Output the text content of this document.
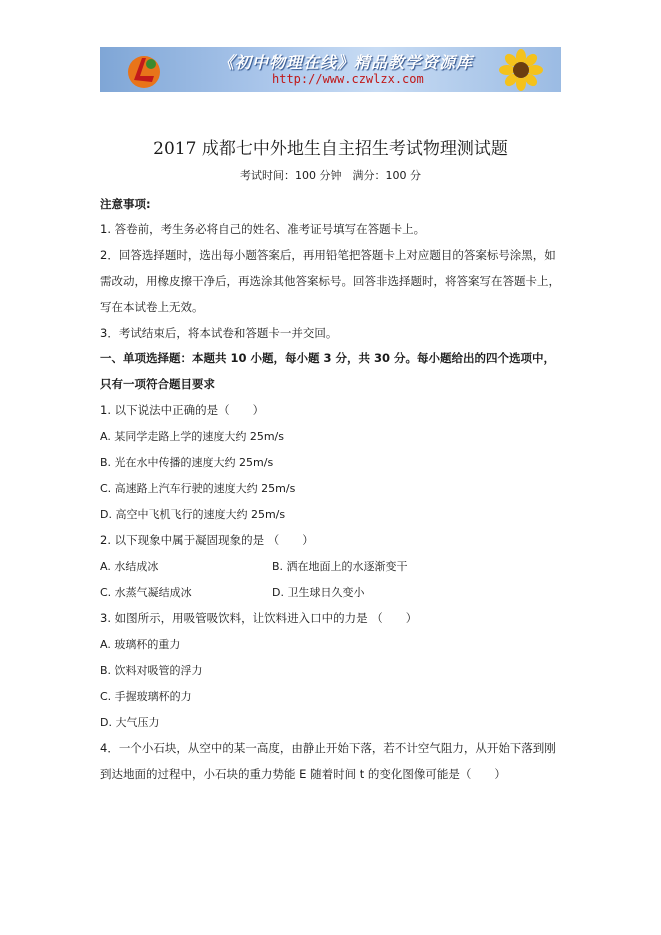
《初中物理在线》精品教学资源库
http://www.czwlzx.com
2017 成都七中外地生自主招生考试物理测试题
考试时间：100 分钟　满分：100 分
注意事项:
1. 答卷前，考生务必将自己的姓名、准考证号填写在答题卡上。
2．回答选择题时，选出每小题答案后，再用铅笔把答题卡上对应题目的答案标号涂黑，如
需改动，用橡皮擦干净后，再选涂其他答案标号。回答非选择题时，将答案写在答题卡上，
写在本试卷上无效。
3．考试结束后，将本试卷和答题卡一并交回。
一、单项选择题：本题共 10 小题，每小题 3 分，共 30 分。每小题给出的四个选项中，
只有一项符合题目要求
1. 以下说法中正确的是（　　）
A. 某同学走路上学的速度大约 25m/s
B. 光在水中传播的速度大约 25m/s
C. 高速路上汽车行驶的速度大约 25m/s
D. 高空中飞机飞行的速度大约 25m/s
2. 以下现象中属于凝固现象的是 （　　）
A. 水结成冰	B. 洒在地面上的水逐渐变干
C. 水蒸气凝结成冰	D. 卫生球日久变小
3. 如图所示，用吸管吸饮料，让饮料进入口中的力是 （　　）
A. 玻璃杯的重力
B. 饮料对吸管的浮力
C. 手握玻璃杯的力
D. 大气压力
4．一个小石块，从空中的某一高度，由静止开始下落，若不计空气阻力，从开始下落到刚
到达地面的过程中，小石块的重力势能 E 随着时间 t 的变化图像可能是（　　）
